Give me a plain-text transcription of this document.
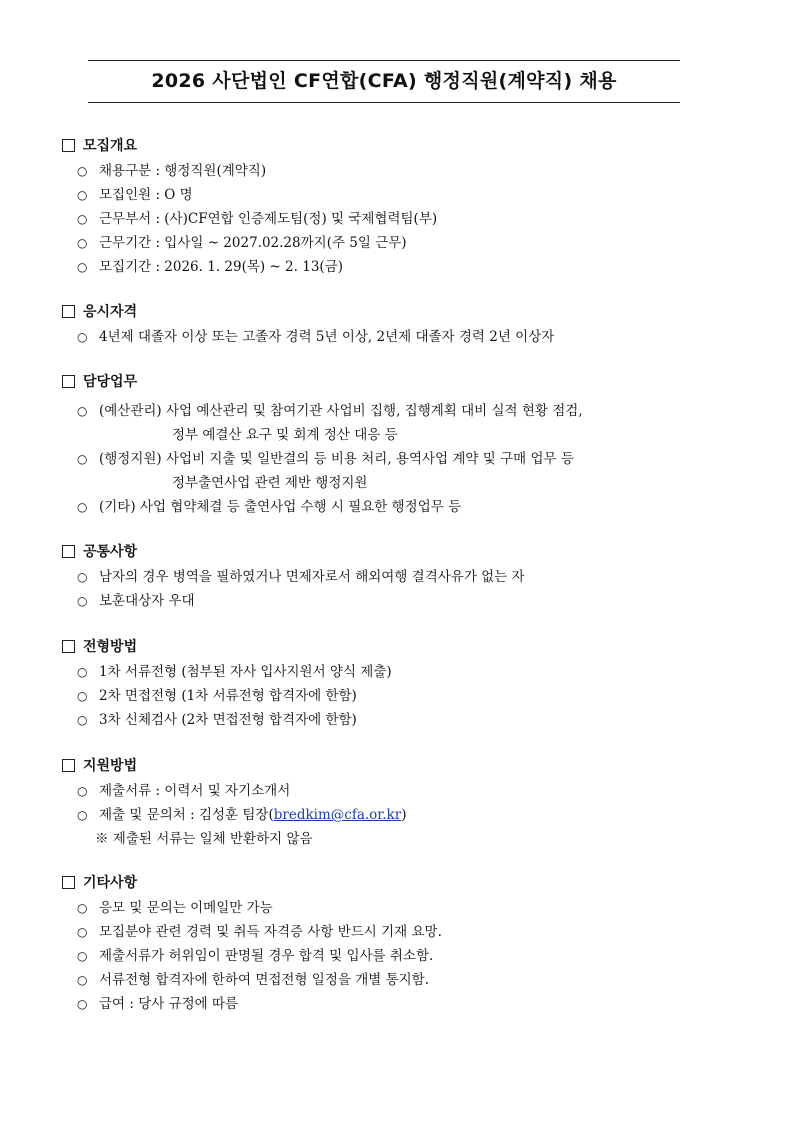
2026 사단법인 CF연합(CFA) 행정직원(계약직) 채용
모집개요
○ 채용구분 : 행정직원(계약직)
○ 모집인원 : O 명
○ 근무부서 : (사)CF연합 인증제도팀(정) 및 국제협력팀(부)
○ 근무기간 : 입사일 ~ 2027.02.28까지(주 5일 근무)
○ 모집기간 : 2026. 1. 29(목) ~ 2. 13(금)
응시자격
○ 4년제 대졸자 이상 또는 고졸자 경력 5년 이상, 2년제 대졸자 경력 2년 이상자
담당업무
○ (예산관리) 사업 예산관리 및 참여기관 사업비 집행, 집행계획 대비 실적 현황 점검,
정부 예결산 요구 및 회계 정산 대응 등
○ (행정지원) 사업비 지출 및 일반결의 등 비용 처리, 용역사업 계약 및 구매 업무 등
정부출연사업 관련 제반 행정지원
○ (기타) 사업 협약체결 등 출연사업 수행 시 필요한 행정업무 등
공통사항
○ 남자의 경우 병역을 필하였거나 면제자로서 해외여행 결격사유가 없는 자
○ 보훈대상자 우대
전형방법
○ 1차 서류전형 (첨부된 자사 입사지원서 양식 제출)
○ 2차 면접전형 (1차 서류전형 합격자에 한함)
○ 3차 신체검사 (2차 면접전형 합격자에 한함)
지원방법
○ 제출서류 : 이력서 및 자기소개서
○ 제출 및 문의처 : 김성훈 팀장(bredkim@cfa.or.kr)
※ 제출된 서류는 일체 반환하지 않음
기타사항
○ 응모 및 문의는 이메일만 가능
○ 모집분야 관련 경력 및 취득 자격증 사항 반드시 기재 요망.
○ 제출서류가 허위임이 판명될 경우 합격 및 입사를 취소함.
○ 서류전형 합격자에 한하여 면접전형 일정을 개별 통지함.
○ 급여 : 당사 규정에 따름
